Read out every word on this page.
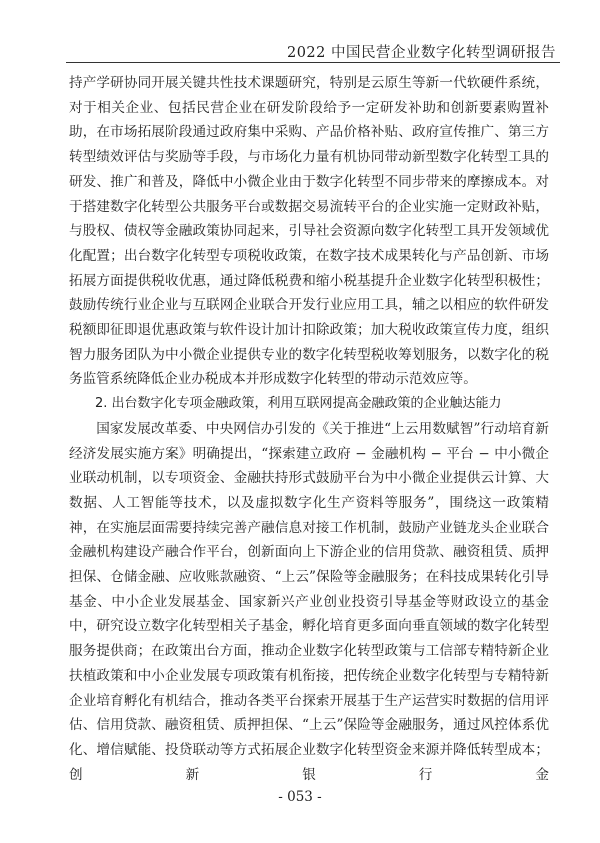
2022 中国民营企业数字化转型调研报告

持产学研协同开展关键共性技术课题研究，特别是云原生等新一代软硬件系统，对于相关企业、包括民营企业在研发阶段给予一定研发补助和创新要素购置补助，在市场拓展阶段通过政府集中采购、产品价格补贴、政府宣传推广、第三方转型绩效评估与奖励等手段，与市场化力量有机协同带动新型数字化转型工具的研发、推广和普及，降低中小微企业由于数字化转型不同步带来的摩擦成本。对于搭建数字化转型公共服务平台或数据交易流转平台的企业实施一定财政补贴，与股权、债权等金融政策协同起来，引导社会资源向数字化转型工具开发领域优化配置；出台数字化转型专项税收政策，在数字技术成果转化与产品创新、市场拓展方面提供税收优惠，通过降低税费和缩小税基提升企业数字化转型积极性；鼓励传统行业企业与互联网企业联合开发行业应用工具，辅之以相应的软件研发税额即征即退优惠政策与软件设计加计扣除政策；加大税收政策宣传力度，组织智力服务团队为中小微企业提供专业的数字化转型税收筹划服务，以数字化的税务监管系统降低企业办税成本并形成数字化转型的带动示范效应等。

2. 出台数字化专项金融政策，利用互联网提高金融政策的企业触达能力

国家发展改革委、中央网信办引发的《关于推进“上云用数赋智”行动培育新经济发展实施方案》明确提出，“探索建立政府 − 金融机构 − 平台 − 中小微企业联动机制，以专项资金、金融扶持形式鼓励平台为中小微企业提供云计算、大数据、人工智能等技术，以及虚拟数字化生产资料等服务”，围绕这一政策精神，在实施层面需要持续完善产融信息对接工作机制，鼓励产业链龙头企业联合金融机构建设产融合作平台，创新面向上下游企业的信用贷款、融资租赁、质押担保、仓储金融、应收账款融资、“上云”保险等金融服务；在科技成果转化引导基金、中小企业发展基金、国家新兴产业创业投资引导基金等财政设立的基金中，研究设立数字化转型相关子基金，孵化培育更多面向垂直领域的数字化转型服务提供商；在政策出台方面，推动企业数字化转型政策与工信部专精特新企业扶植政策和中小企业发展专项政策有机衔接，把传统企业数字化转型与专精特新企业培育孵化有机结合，推动各类平台探索开展基于生产运营实时数据的信用评估、信用贷款、融资租赁、质押担保、“上云”保险等金融服务，通过风控体系优化、增信赋能、投贷联动等方式拓展企业数字化转型资金来源并降低转型成本；创新银行金

- 053 -
